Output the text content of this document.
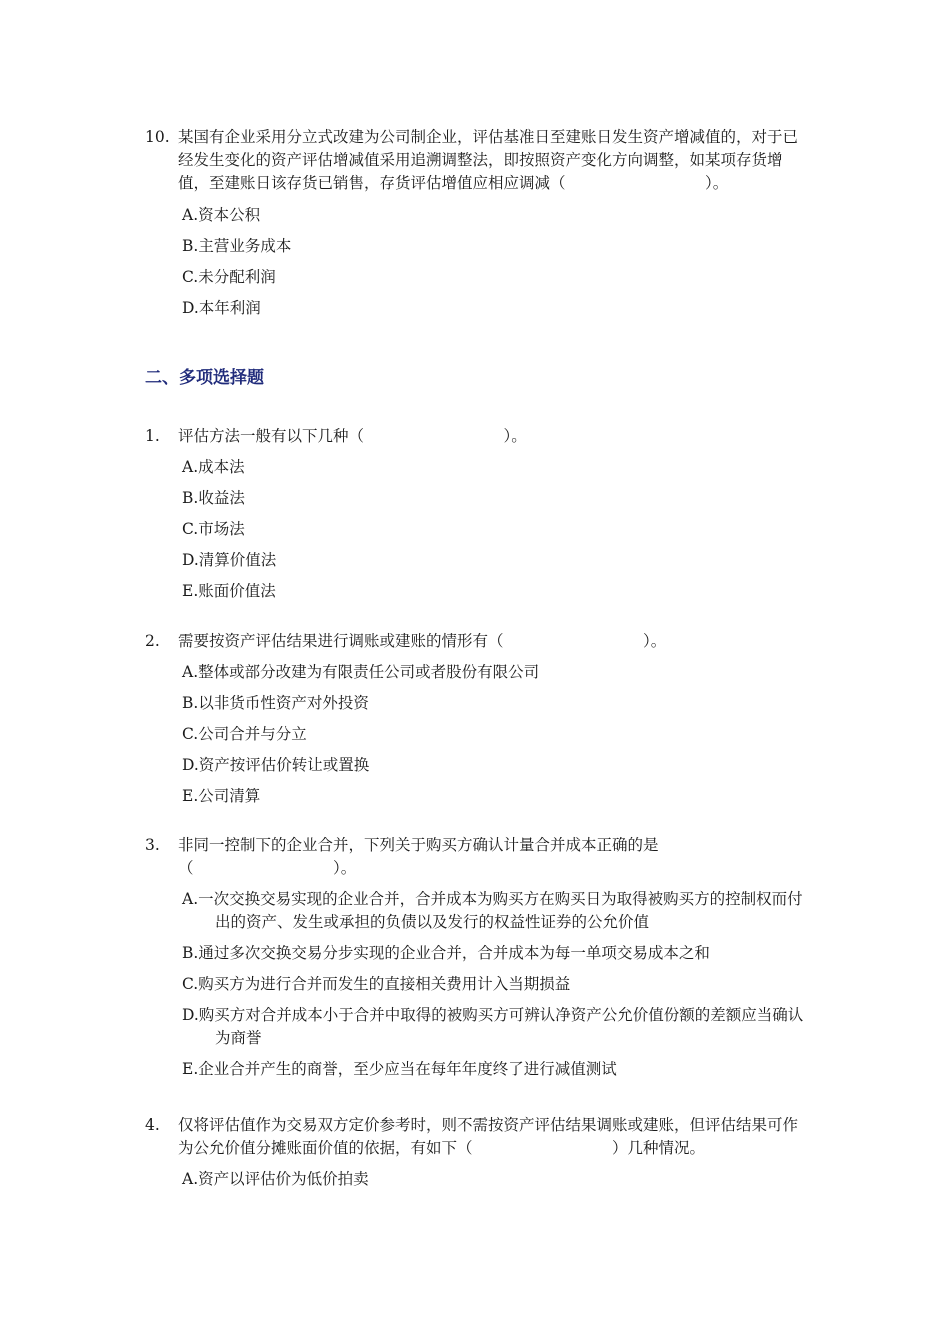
10. 某国有企业采用分立式改建为公司制企业，评估基准日至建账日发生资产增减值的，对于已经发生变化的资产评估增减值采用追溯调整法，即按照资产变化方向调整，如某项存货增值，至建账日该存货已销售，存货评估增值应相应调减（　　　　　　　　　）。
A.资本公积
B.主营业务成本
C.未分配利润
D.本年利润
二、多项选择题
1. 评估方法一般有以下几种（　　　　　　　　　）。
A.成本法
B.收益法
C.市场法
D.清算价值法
E.账面价值法
2. 需要按资产评估结果进行调账或建账的情形有（　　　　　　　　　）。
A.整体或部分改建为有限责任公司或者股份有限公司
B.以非货币性资产对外投资
C.公司合并与分立
D.资产按评估价转让或置换
E.公司清算
3. 非同一控制下的企业合并，下列关于购买方确认计量合并成本正确的是（　　　　　　　　　）。
A.一次交换交易实现的企业合并，合并成本为购买方在购买日为取得被购买方的控制权而付出的资产、发生或承担的负债以及发行的权益性证券的公允价值
B.通过多次交换交易分步实现的企业合并，合并成本为每一单项交易成本之和
C.购买方为进行合并而发生的直接相关费用计入当期损益
D.购买方对合并成本小于合并中取得的被购买方可辨认净资产公允价值份额的差额应当确认为商誉
E.企业合并产生的商誉，至少应当在每年年度终了进行减值测试
4. 仅将评估值作为交易双方定价参考时，则不需按资产评估结果调账或建账，但评估结果可作为公允价值分摊账面价值的依据，有如下（　　　　　　　　　）几种情况。
A.资产以评估价为低价拍卖
